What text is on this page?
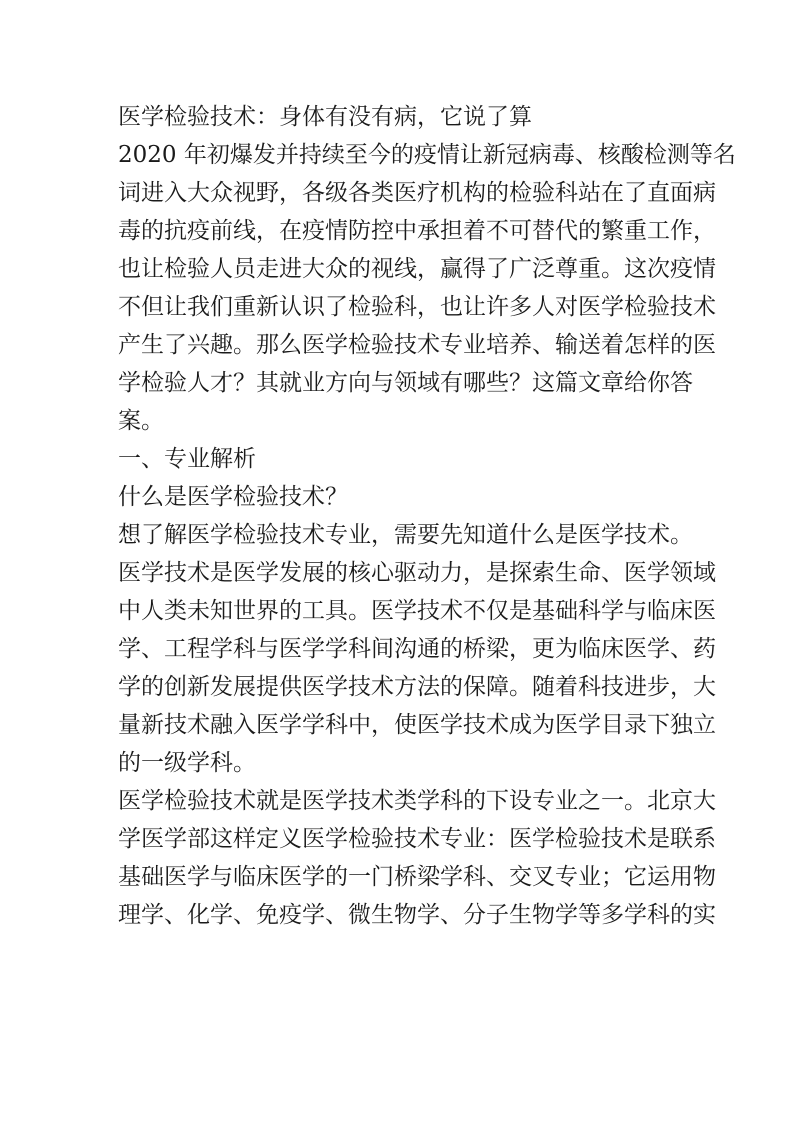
医学检验技术：身体有没有病，它说了算

2020 年初爆发并持续至今的疫情让新冠病毒、核酸检测等名
词进入大众视野，各级各类医疗机构的检验科站在了直面病
毒的抗疫前线，在疫情防控中承担着不可替代的繁重工作，
也让检验人员走进大众的视线，赢得了广泛尊重。这次疫情
不但让我们重新认识了检验科，也让许多人对医学检验技术
产生了兴趣。那么医学检验技术专业培养、输送着怎样的医
学检验人才？其就业方向与领域有哪些？这篇文章给你答
案。

一、专业解析

什么是医学检验技术？

想了解医学检验技术专业，需要先知道什么是医学技术。

医学技术是医学发展的核心驱动力，是探索生命、医学领域
中人类未知世界的工具。医学技术不仅是基础科学与临床医
学、工程学科与医学学科间沟通的桥梁，更为临床医学、药
学的创新发展提供医学技术方法的保障。随着科技进步，大
量新技术融入医学学科中，使医学技术成为医学目录下独立
的一级学科。

医学检验技术就是医学技术类学科的下设专业之一。北京大
学医学部这样定义医学检验技术专业：医学检验技术是联系
基础医学与临床医学的一门桥梁学科、交叉专业；它运用物
理学、化学、免疫学、微生物学、分子生物学等多学科的实
